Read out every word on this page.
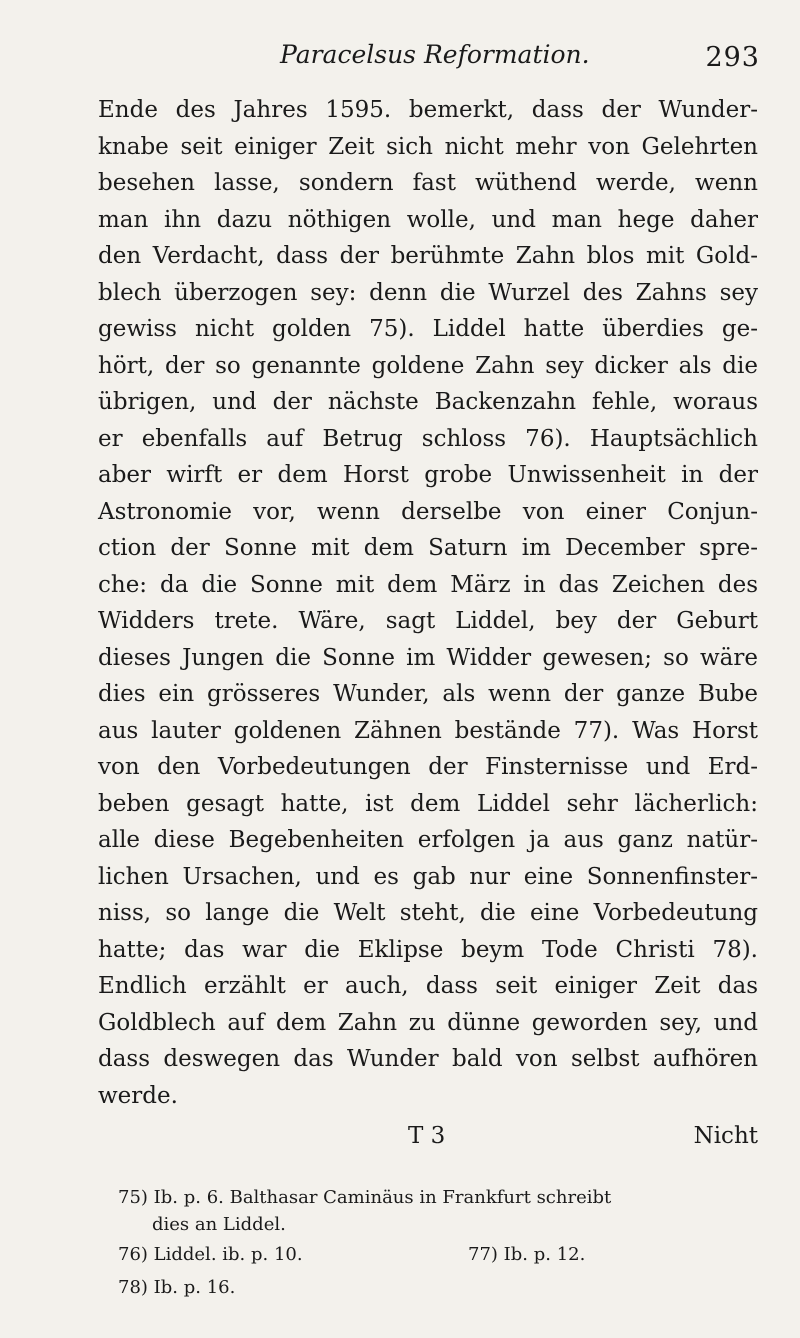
Paracelsus Reformation.	293
Ende des Jahres 1595. bemerkt, dass der Wunder-
knabe seit einiger Zeit sich nicht mehr von Gelehrten
besehen lasse, sondern fast wüthend werde, wenn
man ihn dazu nöthigen wolle, und man hege daher
den Verdacht, dass der berühmte Zahn blos mit Gold-
blech überzogen sey: denn die Wurzel des Zahns sey
gewiss nicht golden 75). Liddel hatte überdies ge-
hört, der so genannte goldene Zahn sey dicker als die
übrigen, und der nächste Backenzahn fehle, woraus
er ebenfalls auf Betrug schloss 76). Hauptsächlich
aber wirft er dem Horst grobe Unwissenheit in der
Astronomie vor, wenn derselbe von einer Conjun-
ction der Sonne mit dem Saturn im December spre-
che: da die Sonne mit dem März in das Zeichen des
Widders trete. Wäre, sagt Liddel, bey der Geburt
dieses Jungen die Sonne im Widder gewesen; so wäre
dies ein grösseres Wunder, als wenn der ganze Bube
aus lauter goldenen Zähnen bestände 77). Was Horst
von den Vorbedeutungen der Finsternisse und Erd-
beben gesagt hatte, ist dem Liddel sehr lächerlich:
alle diese Begebenheiten erfolgen ja aus ganz natür-
lichen Ursachen, und es gab nur eine Sonnenfinster-
niss, so lange die Welt steht, die eine Vorbedeutung
hatte; das war die Eklipse beym Tode Christi 78).
Endlich erzählt er auch, dass seit einiger Zeit das
Goldblech auf dem Zahn zu dünne geworden sey, und
dass deswegen das Wunder bald von selbst aufhören
werde.
T 3	Nicht
75) Ib. p. 6. Balthasar Caminäus in Frankfurt schreibt
dies an Liddel.
76) Liddel. ib. p. 10.	77) Ib. p. 12.
78) Ib. p. 16.
